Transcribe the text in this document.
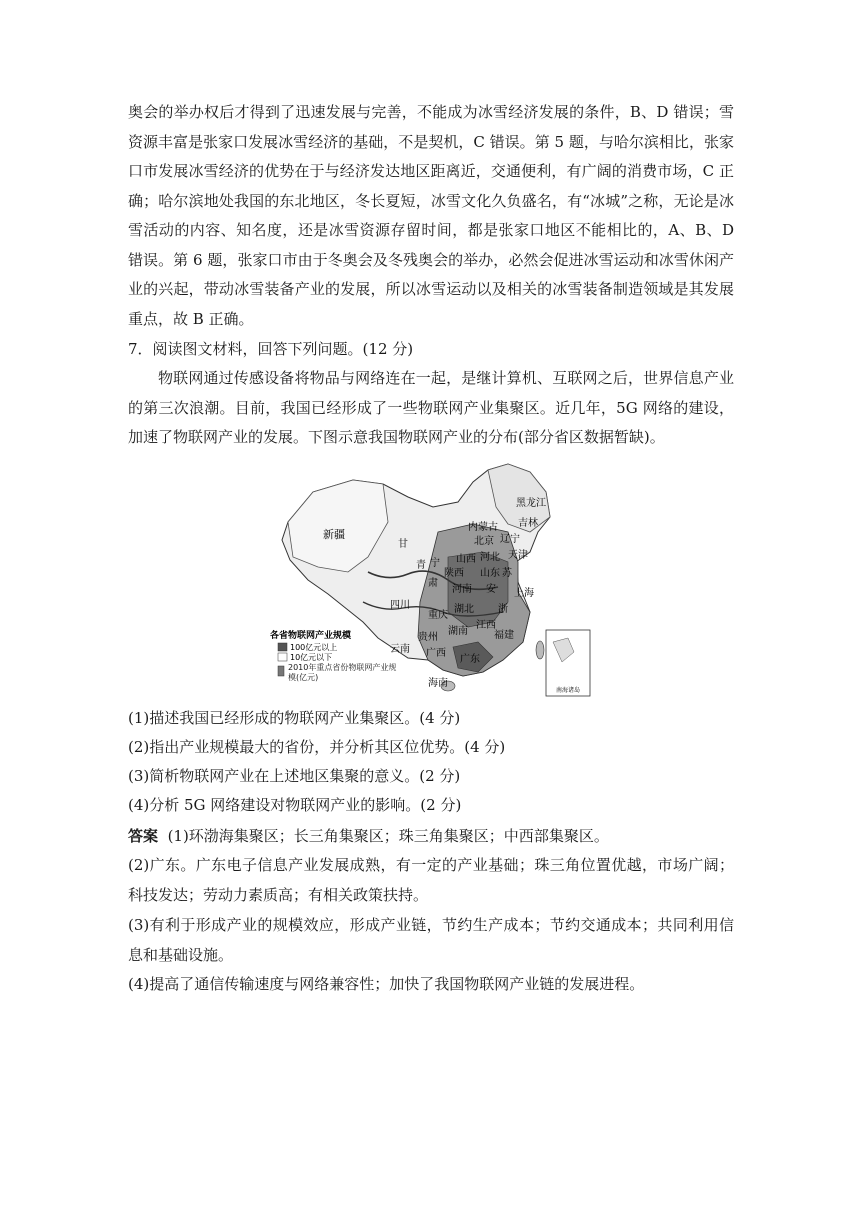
奥会的举办权后才得到了迅速发展与完善，不能成为冰雪经济发展的条件，B、D 错误；雪资源丰富是张家口发展冰雪经济的基础，不是契机，C 错误。第 5 题，与哈尔滨相比，张家口市发展冰雪经济的优势在于与经济发达地区距离近，交通便利，有广阔的消费市场，C 正确；哈尔滨地处我国的东北地区，冬长夏短，冰雪文化久负盛名，有“冰城”之称，无论是冰雪活动的内容、知名度，还是冰雪资源存留时间，都是张家口地区不能相比的，A、B、D 错误。第 6 题，张家口市由于冬奥会及冬残奥会的举办，必然会促进冰雪运动和冰雪休闲产业的兴起，带动冰雪装备产业的发展，所以冰雪运动以及相关的冰雪装备制造领域是其发展重点，故 B 正确。

7．阅读图文材料，回答下列问题。(12 分)

物联网通过传感设备将物品与网络连在一起，是继计算机、互联网之后，世界信息产业的第三次浪潮。目前，我国已经形成了一些物联网产业集聚区。近几年，5G 网络的建设，加速了物联网产业的发展。下图示意我国物联网产业的分布(部分省区数据暂缺)。

南海诸岛
黑龙江
吉林
内蒙古
新疆
甘	北京 辽宁
天津
山西 河北
山东
宁
陕西	苏
青
肃
河南 安 上海
四川	湖北
重庆
浙
江西
贵州
湖南	福建
云南 广西
广东
海南
各省物联网产业规模
100亿元以上
10亿元以下
2010年重点省份物联网产业规模(亿元)

(1)描述我国已经形成的物联网产业集聚区。(4 分)

(2)指出产业规模最大的省份，并分析其区位优势。(4 分)

(3)简析物联网产业在上述地区集聚的意义。(2 分)

(4)分析 5G 网络建设对物联网产业的影响。(2 分)

答案 (1)环渤海集聚区；长三角集聚区；珠三角集聚区；中西部集聚区。

(2)广东。广东电子信息产业发展成熟，有一定的产业基础；珠三角位置优越，市场广阔；科技发达；劳动力素质高；有相关政策扶持。

(3)有利于形成产业的规模效应，形成产业链，节约生产成本；节约交通成本；共同利用信息和基础设施。

(4)提高了通信传输速度与网络兼容性；加快了我国物联网产业链的发展进程。
